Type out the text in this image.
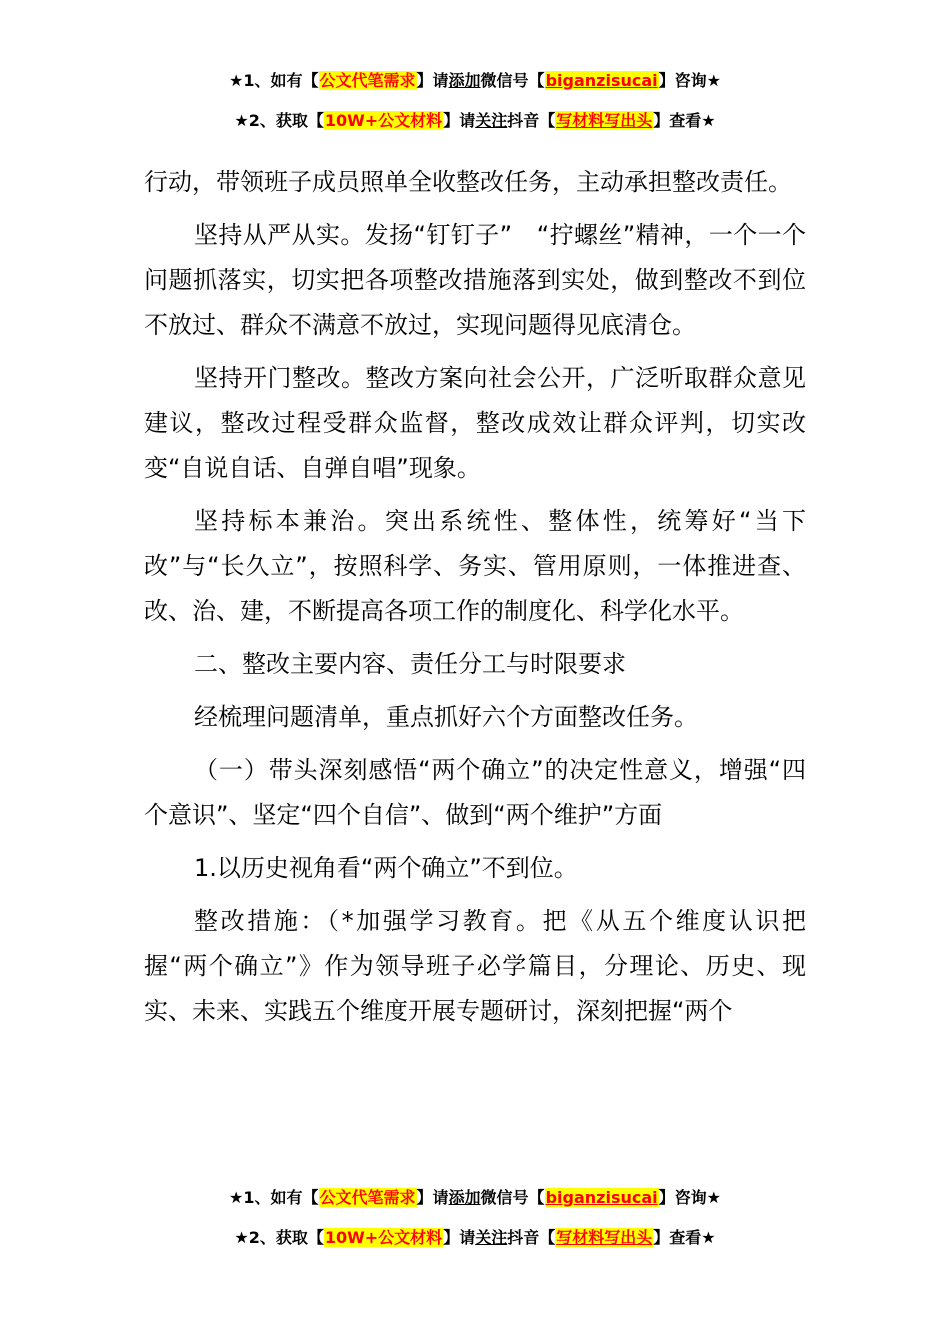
★1、如有【公文代笔需求】请添加微信号【biganzisucai】咨询★
★2、获取【10W+公文材料】请关注抖音【写材料写出头】查看★

行动，带领班子成员照单全收整改任务，主动承担整改责任。

坚持从严从实。发扬“钉钉子”　“拧螺丝”精神，一个一个问题抓落实，切实把各项整改措施落到实处，做到整改不到位不放过、群众不满意不放过，实现问题得见底清仓。

坚持开门整改。整改方案向社会公开，广泛听取群众意见建议，整改过程受群众监督，整改成效让群众评判，切实改变“自说自话、自弹自唱”现象。

坚持标本兼治。突出系统性、整体性，统筹好“当下改”与“长久立”，按照科学、务实、管用原则，一体推进查、改、治、建，不断提高各项工作的制度化、科学化水平。

二、整改主要内容、责任分工与时限要求

经梳理问题清单，重点抓好六个方面整改任务。

（一）带头深刻感悟“两个确立”的决定性意义，增强“四个意识”、坚定“四个自信”、做到“两个维护”方面

1.以历史视角看“两个确立”不到位。

整改措施：（*加强学习教育。把《从五个维度认识把握“两个确立”》作为领导班子必学篇目，分理论、历史、现实、未来、实践五个维度开展专题研讨，深刻把握“两个

★1、如有【公文代笔需求】请添加微信号【biganzisucai】咨询★
★2、获取【10W+公文材料】请关注抖音【写材料写出头】查看★
